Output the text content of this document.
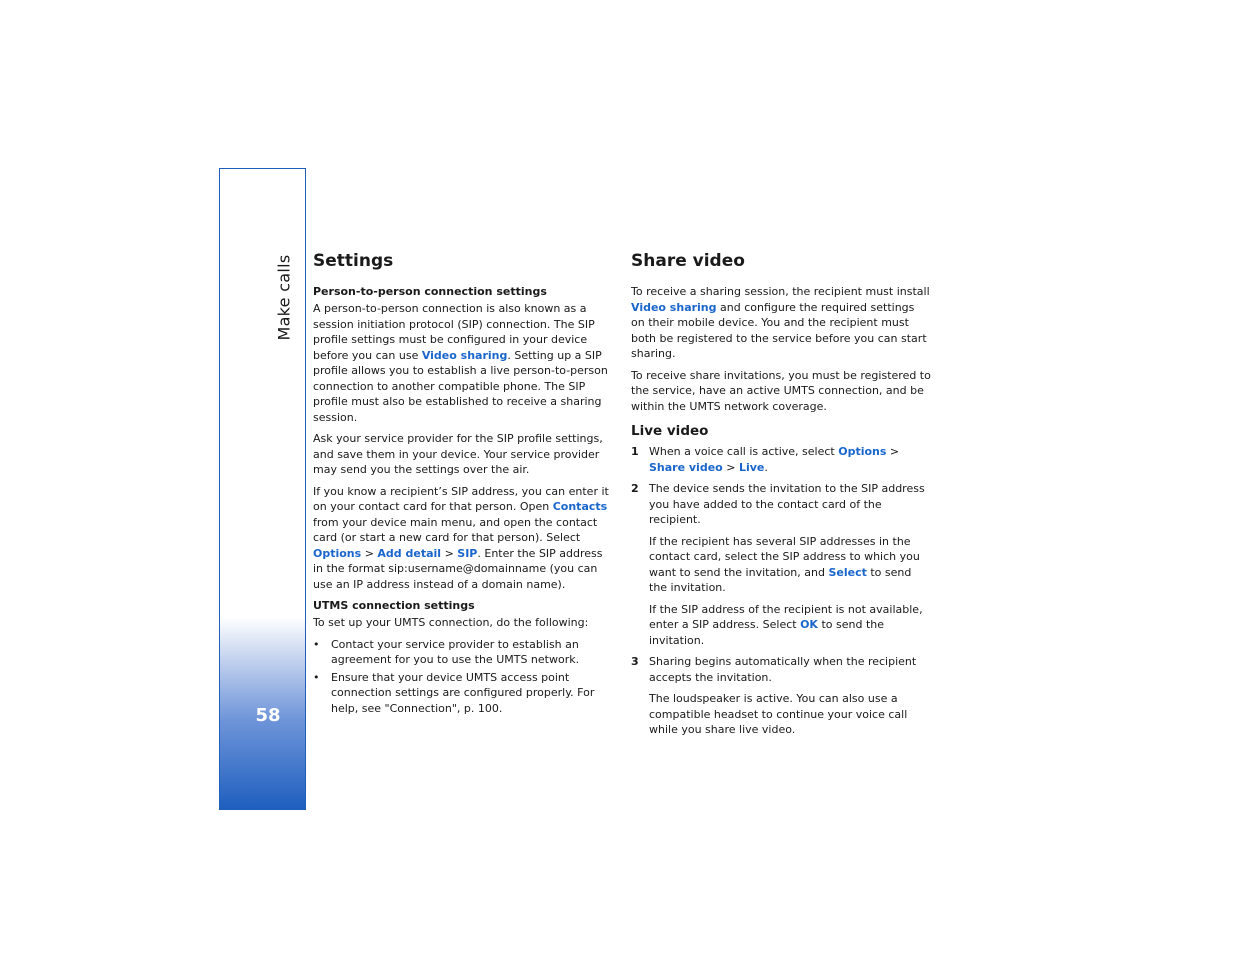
Make calls
58
Settings
Person-to-person connection settings

A person-to-person connection is also known as a session initiation protocol (SIP) connection. The SIP profile settings must be configured in your device before you can use Video sharing. Setting up a SIP profile allows you to establish a live person-to-person connection to another compatible phone. The SIP profile must also be established to receive a sharing session.

Ask your service provider for the SIP profile settings, and save them in your device. Your service provider may send you the settings over the air.

If you know a recipient’s SIP address, you can enter it on your contact card for that person. Open Contacts from your device main menu, and open the contact card (or start a new card for that person). Select Options > Add detail > SIP. Enter the SIP address in the format sip:username@domainname (you can use an IP address instead of a domain name).

UTMS connection settings

To set up your UMTS connection, do the following:

• Contact your service provider to establish an agreement for you to use the UMTS network.
• Ensure that your device UMTS access point connection settings are configured properly. For help, see "Connection", p. 100.
Share video

To receive a sharing session, the recipient must install Video sharing and configure the required settings on their mobile device. You and the recipient must both be registered to the service before you can start sharing.

To receive share invitations, you must be registered to the service, have an active UMTS connection, and be within the UMTS network coverage.

Live video
1 When a voice call is active, select Options > Share video > Live.

2 The device sends the invitation to the SIP address you have added to the contact card of the recipient.

If the recipient has several SIP addresses in the contact card, select the SIP address to which you want to send the invitation, and Select to send the invitation.

If the SIP address of the recipient is not available, enter a SIP address. Select OK to send the invitation.

3 Sharing begins automatically when the recipient accepts the invitation.

The loudspeaker is active. You can also use a compatible headset to continue your voice call while you share live video.
